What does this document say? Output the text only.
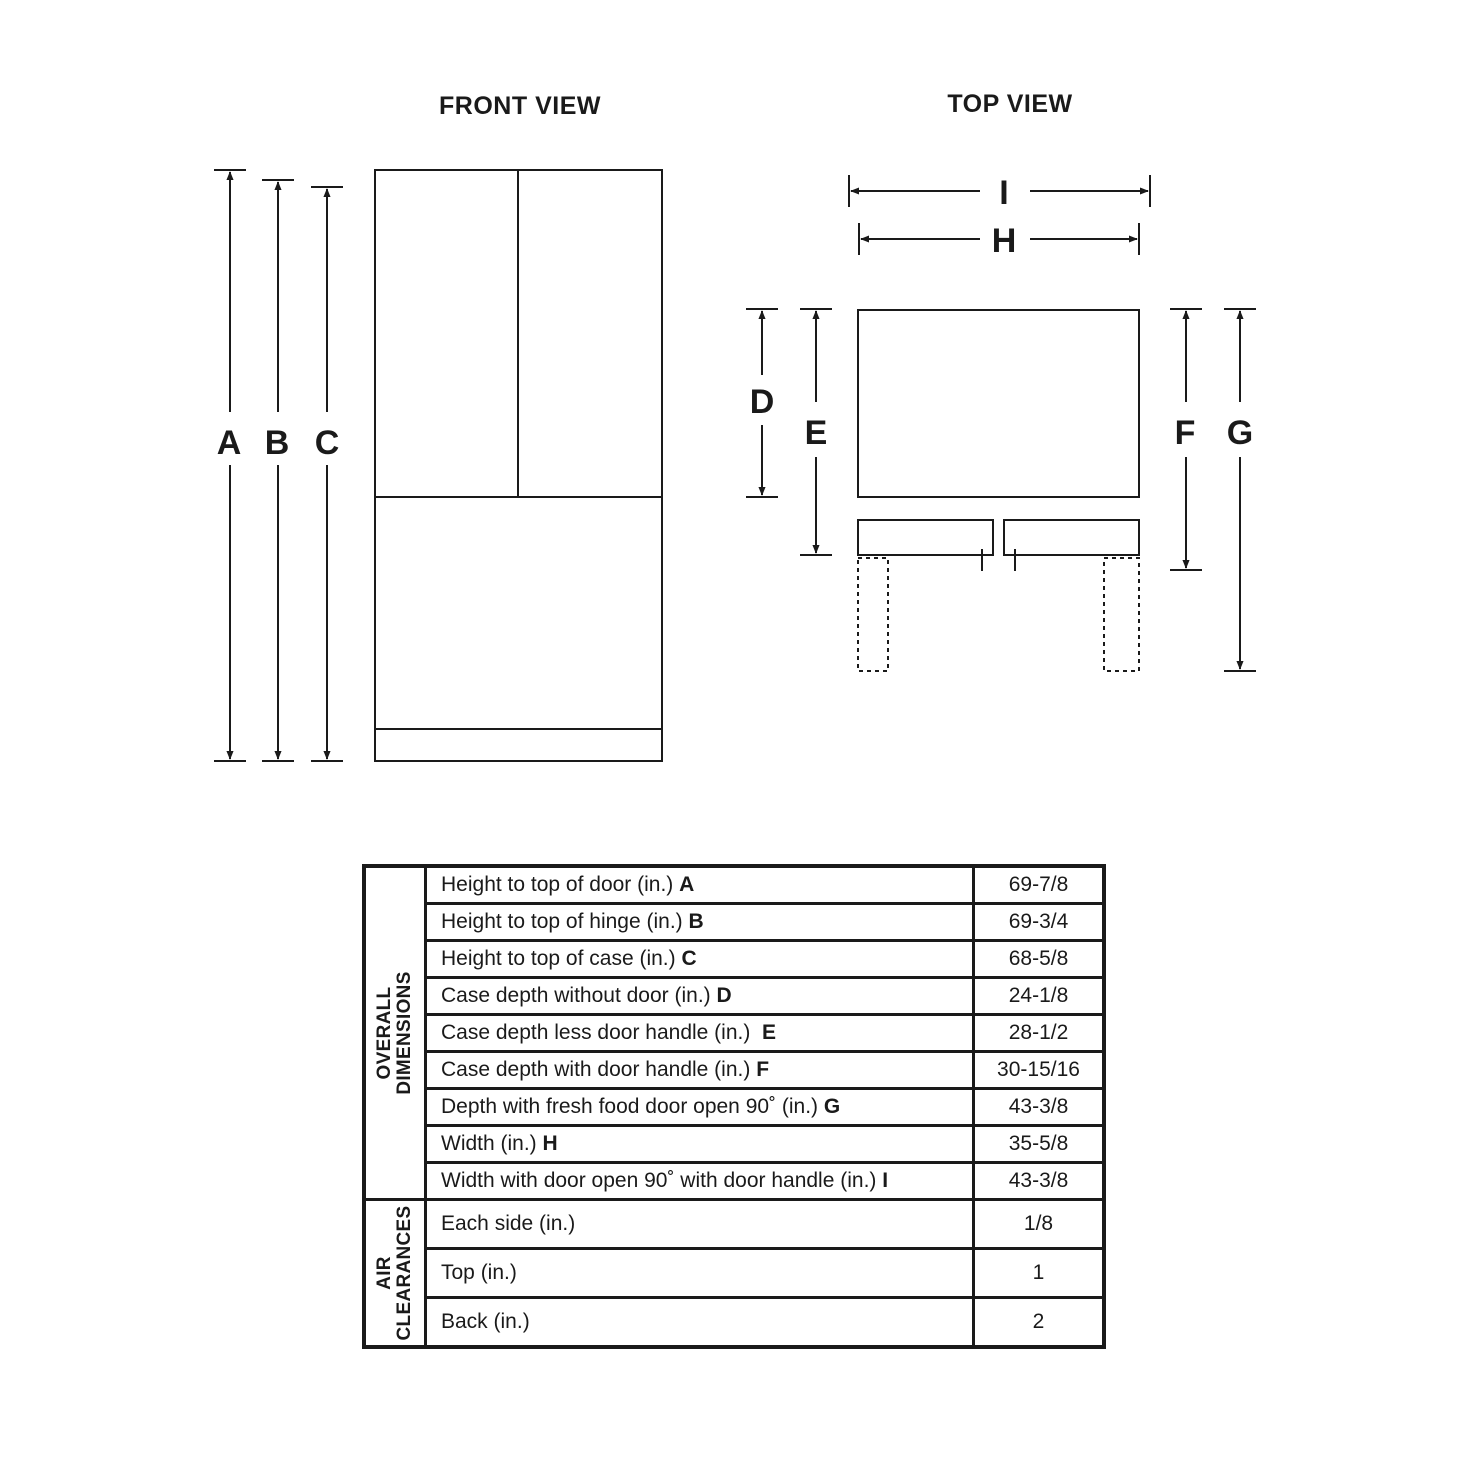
FRONT VIEW	TOP VIEW
A B C
D
E	F G
H
I
OVERALL DIMENSIONS	Height to top of door (in.) A	69-7/8
	Height to top of hinge (in.) B	69-3/4
	Height to top of case (in.) C	68-5/8
	Case depth without door (in.) D	24-1/8
	Case depth less door handle (in.) E	28-1/2
	Case depth with door handle (in.) F	30-15/16
	Depth with fresh food door open 90˚ (in.) G	43-3/8
	Width (in.) H	35-5/8
	Width with door open 90˚ with door handle (in.) I	43-3/8

AIR CLEARANCES	Each side (in.)	1/8
	Top (in.)	1
	Back (in.)	2
